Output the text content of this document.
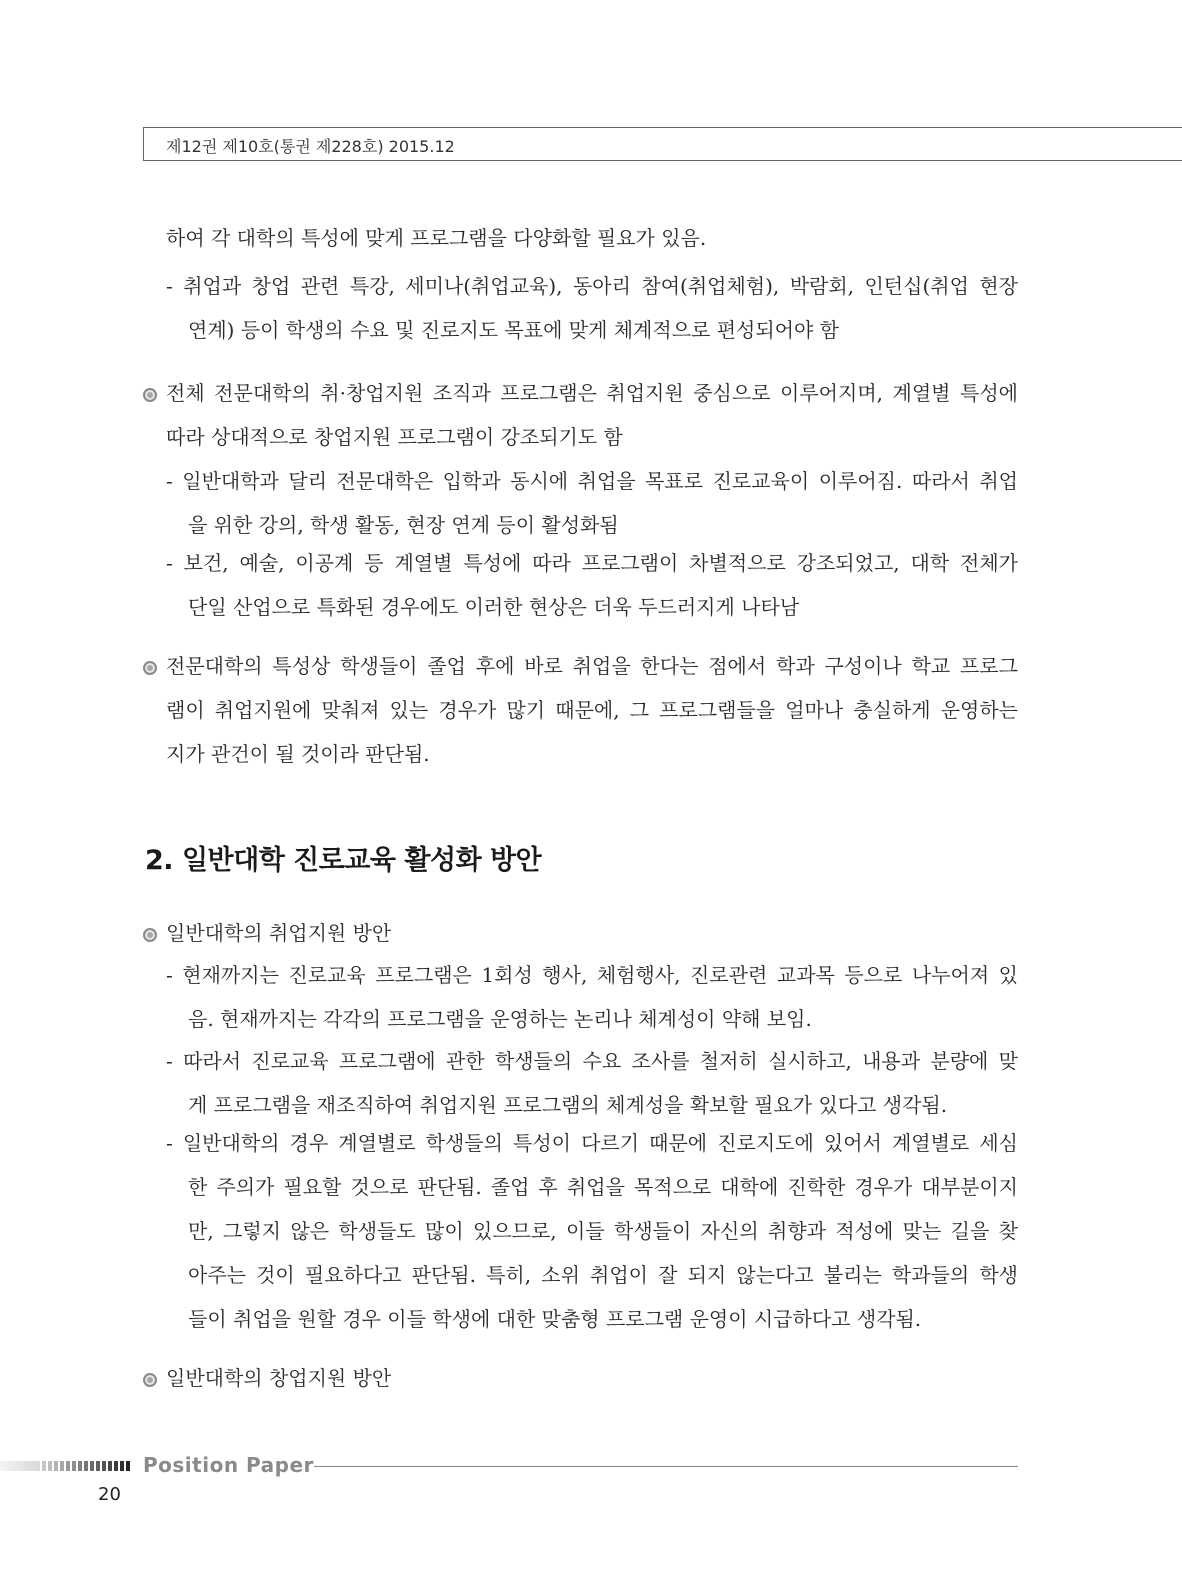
제12권 제10호(통권 제228호) 2015.12
하여 각 대학의 특성에 맞게 프로그램을 다양화할 필요가 있음.
- 취업과 창업 관련 특강, 세미나(취업교육), 동아리 참여(취업체험), 박람회, 인턴십(취업 현장
연계) 등이 학생의 수요 및 진로지도 목표에 맞게 체계적으로 편성되어야 함
전체 전문대학의 취·창업지원 조직과 프로그램은 취업지원 중심으로 이루어지며, 계열별 특성에
따라 상대적으로 창업지원 프로그램이 강조되기도 함
- 일반대학과 달리 전문대학은 입학과 동시에 취업을 목표로 진로교육이 이루어짐. 따라서 취업
을 위한 강의, 학생 활동, 현장 연계 등이 활성화됨
- 보건, 예술, 이공계 등 계열별 특성에 따라 프로그램이 차별적으로 강조되었고, 대학 전체가
단일 산업으로 특화된 경우에도 이러한 현상은 더욱 두드러지게 나타남
전문대학의 특성상 학생들이 졸업 후에 바로 취업을 한다는 점에서 학과 구성이나 학교 프로그
램이 취업지원에 맞춰져 있는 경우가 많기 때문에, 그 프로그램들을 얼마나 충실하게 운영하는
지가 관건이 될 것이라 판단됨.
2. 일반대학 진로교육 활성화 방안
일반대학의 취업지원 방안
- 현재까지는 진로교육 프로그램은 1회성 행사, 체험행사, 진로관련 교과목 등으로 나누어져 있
음. 현재까지는 각각의 프로그램을 운영하는 논리나 체계성이 약해 보임.
- 따라서 진로교육 프로그램에 관한 학생들의 수요 조사를 철저히 실시하고, 내용과 분량에 맞
게 프로그램을 재조직하여 취업지원 프로그램의 체계성을 확보할 필요가 있다고 생각됨.
- 일반대학의 경우 계열별로 학생들의 특성이 다르기 때문에 진로지도에 있어서 계열별로 세심
한 주의가 필요할 것으로 판단됨. 졸업 후 취업을 목적으로 대학에 진학한 경우가 대부분이지
만, 그렇지 않은 학생들도 많이 있으므로, 이들 학생들이 자신의 취향과 적성에 맞는 길을 찾
아주는 것이 필요하다고 판단됨. 특히, 소위 취업이 잘 되지 않는다고 불리는 학과들의 학생
들이 취업을 원할 경우 이들 학생에 대한 맞춤형 프로그램 운영이 시급하다고 생각됨.
일반대학의 창업지원 방안
Position Paper
20
